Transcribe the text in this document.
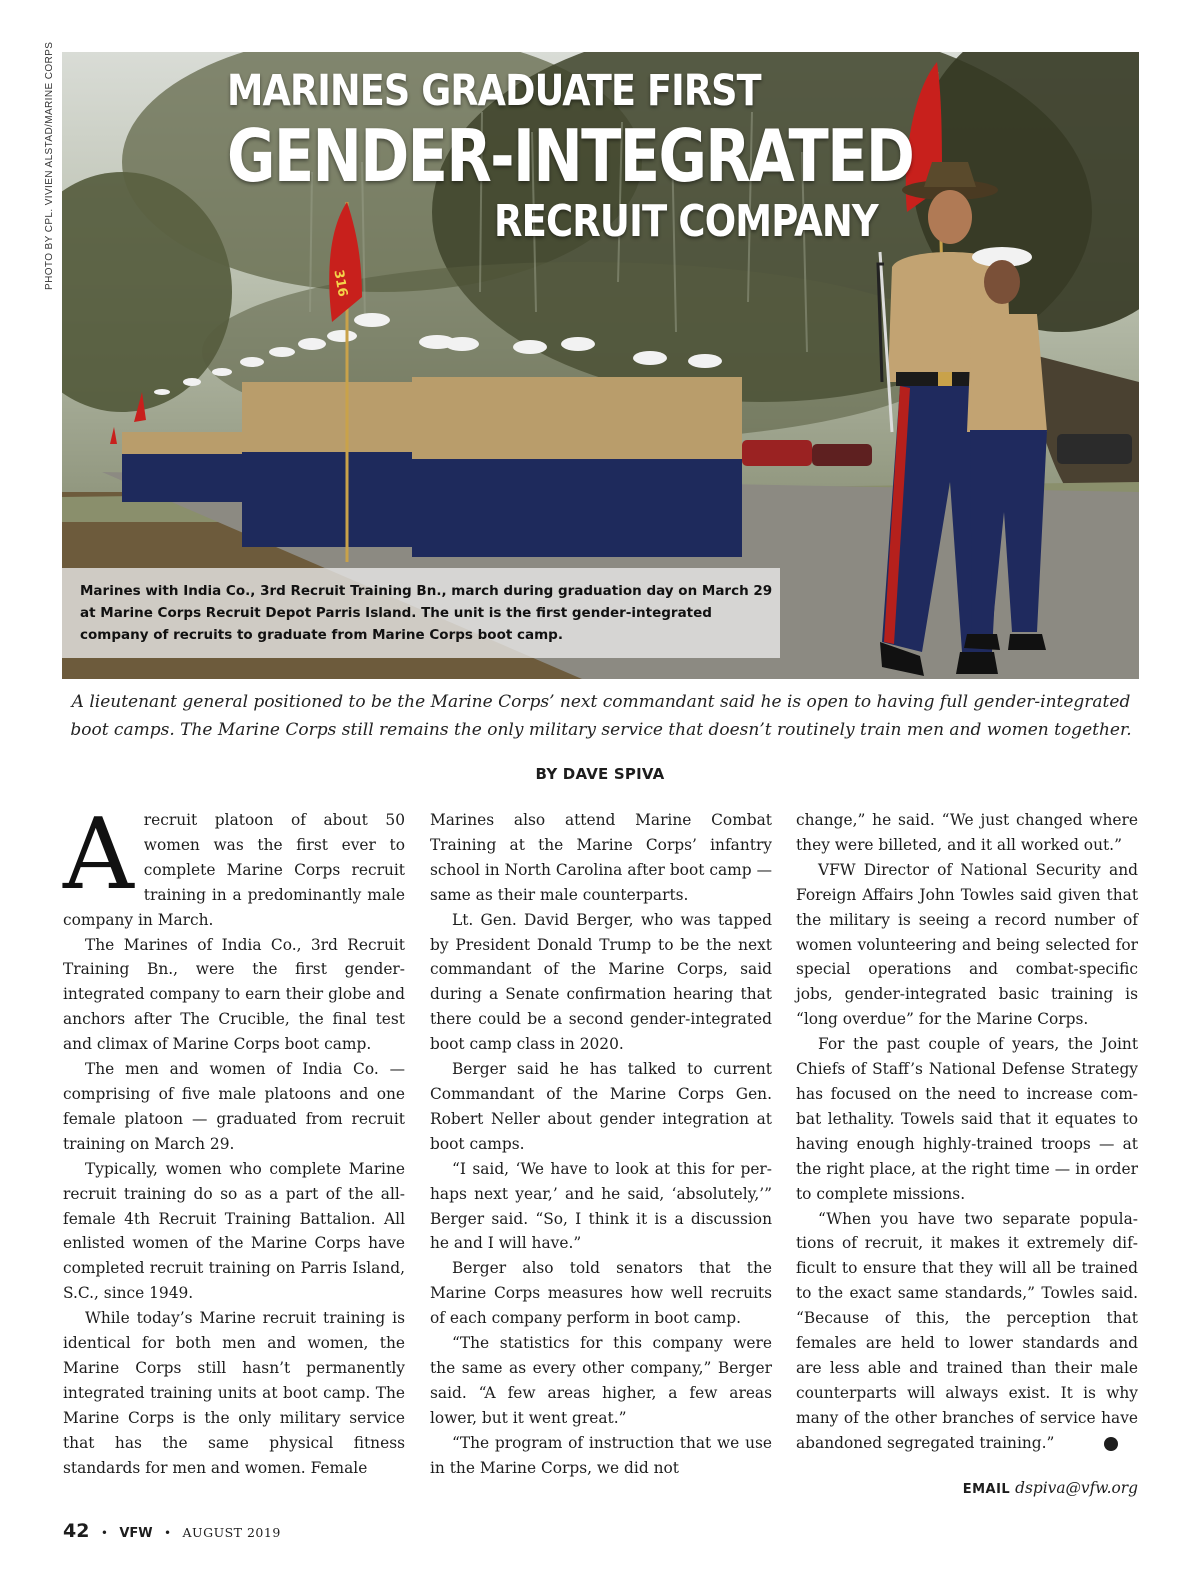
PHOTO BY CPL. VIVIEN ALSTAD/MARINE CORPS	316
MARINES GRADUATE FIRST
GENDER-INTEGRATED
RECRUIT COMPANY
Marines with India Co., 3rd Recruit Training Bn., march during graduation day on March 29 at Marine Corps Recruit Depot Parris Island. The unit is the first gender-integrated company of recruits to graduate from Marine Corps boot camp.
A lieutenant general positioned to be the Marine Corps’ next commandant said he is open to having full gender-integrated boot camps. The Marine Corps still remains the only military service that doesn’t routinely train men and women together.
BY DAVE SPIVA

Arecruit platoon of about 50 women was the first ever to complete Marine Corps recruit training in a predominantly male company in March.

The Marines of India Co., 3rd Recruit Training Bn., were the first gender-integrated company to earn their globe and anchors after The Crucible, the final test and climax of Marine Corps boot camp.

The men and women of India Co. — comprising of five male platoons and one female platoon — graduated from recruit training on March 29.

Typically, women who complete Marine recruit training do so as a part of the all-female 4th Recruit Training Battalion. All enlisted women of the Marine Corps have completed recruit training on Parris Island, S.C., since 1949.

While today’s Marine recruit training is identical for both men and women, the Marine Corps still hasn’t permanently integrated training units at boot camp. The Marine Corps is the only military service that has the same physical fitness standards for men and women. Female

Marines also attend Marine Combat Training at the Marine Corps’ infantry school in North Carolina after boot camp — same as their male counterparts.

Lt. Gen. David Berger, who was tapped by President Donald Trump to be the next commandant of the Marine Corps, said during a Senate confirmation hearing that there could be a second gender-integrated boot camp class in 2020.

Berger said he has talked to current Commandant of the Marine Corps Gen. Robert Neller about gender integration at boot camps.

“I said, ‘We have to look at this for perhaps next year,’ and he said, ‘absolutely,’” Berger said. “So, I think it is a discussion he and I will have.”

Berger also told senators that the Marine Corps measures how well recruits of each company perform in boot camp.

“The statistics for this company were the same as every other company,” Berger said. “A few areas higher, a few areas lower, but it went great.”

“The program of instruction that we use in the Marine Corps, we did not

change,” he said. “We just changed where they were billeted, and it all worked out.”

VFW Director of National Security and Foreign Affairs John Towles said given that the military is seeing a record number of women volunteering and being selected for special operations and combat-specific jobs, gender-integrated basic training is “long overdue” for the Marine Corps.

For the past couple of years, the Joint Chiefs of Staff’s National Defense Strategy has focused on the need to increase combat lethality. Towels said that it equates to having enough highly-trained troops — at the right place, at the right time — in order to complete missions.

“When you have two separate populations of recruit, it makes it extremely difficult to ensure that they will all be trained to the exact same standards,” Towles said. “Because of this, the perception that females are held to lower standards and are less able and trained than their male counterparts will always exist. It is why many of the other branches of service have abandoned segregated training.”	✪

EMAIL dspiva@vfw.org
42 • VFW • AUGUST 2019
